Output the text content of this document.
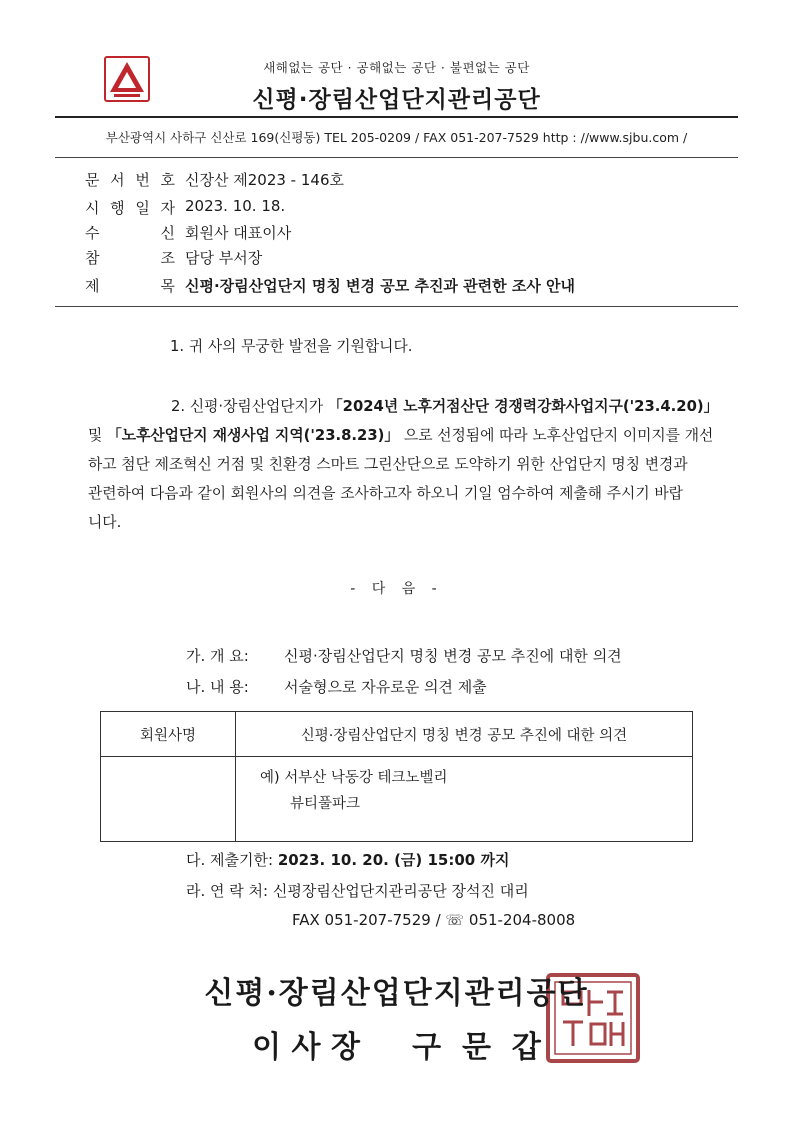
새해없는 공단 · 공해없는 공단 · 불편없는 공단
신평·장림산업단지관리공단
부산광역시 사하구 신산로 169(신평동) TEL 205-0209 / FAX 051-207-7529 http : //www.sjbu.com /
문 서 번 호 신장산 제2023 - 146호
시 행 일 자 2023. 10. 18.
수	신 회원사 대표이사
참	조 담당 부서장
제	목 신평·장림산업단지 명칭 변경 공모 추진과 관련한 조사 안내
1. 귀 사의 무궁한 발전을 기원합니다.
2. 신평·장림산업단지가 「2024년 노후거점산단 경쟁력강화사업지구('23.4.20)」
및 「노후산업단지 재생사업 지역('23.8.23)」 으로 선정됨에 따라 노후산업단지 이미지를 개선
하고 첨단 제조혁신 거점 및 친환경 스마트 그린산단으로 도약하기 위한 산업단지 명칭 변경과
관련하여 다음과 같이 회원사의 의견을 조사하고자 하오니 기일 엄수하여 제출해 주시기 바랍
니다.
- 다 음 -
가. 개 요:	신평·장림산업단지 명칭 변경 공모 추진에 대한 의견
나. 내 용:	서술형으로 자유로운 의견 제출
회원사명	신평·장림산업단지 명칭 변경 공모 추진에 대한 의견

	예) 서부산 낙동강 테크노벨리
뷰티풀파크
다. 제출기한: 2023. 10. 20. (금) 15:00 까지
라. 연 락 처: 신평장림산업단지관리공단 장석진 대리
FAX 051-207-7529 / ☏ 051-204-8008
신평·장림산업단지관리공단
이 사 장     구  문  갑
